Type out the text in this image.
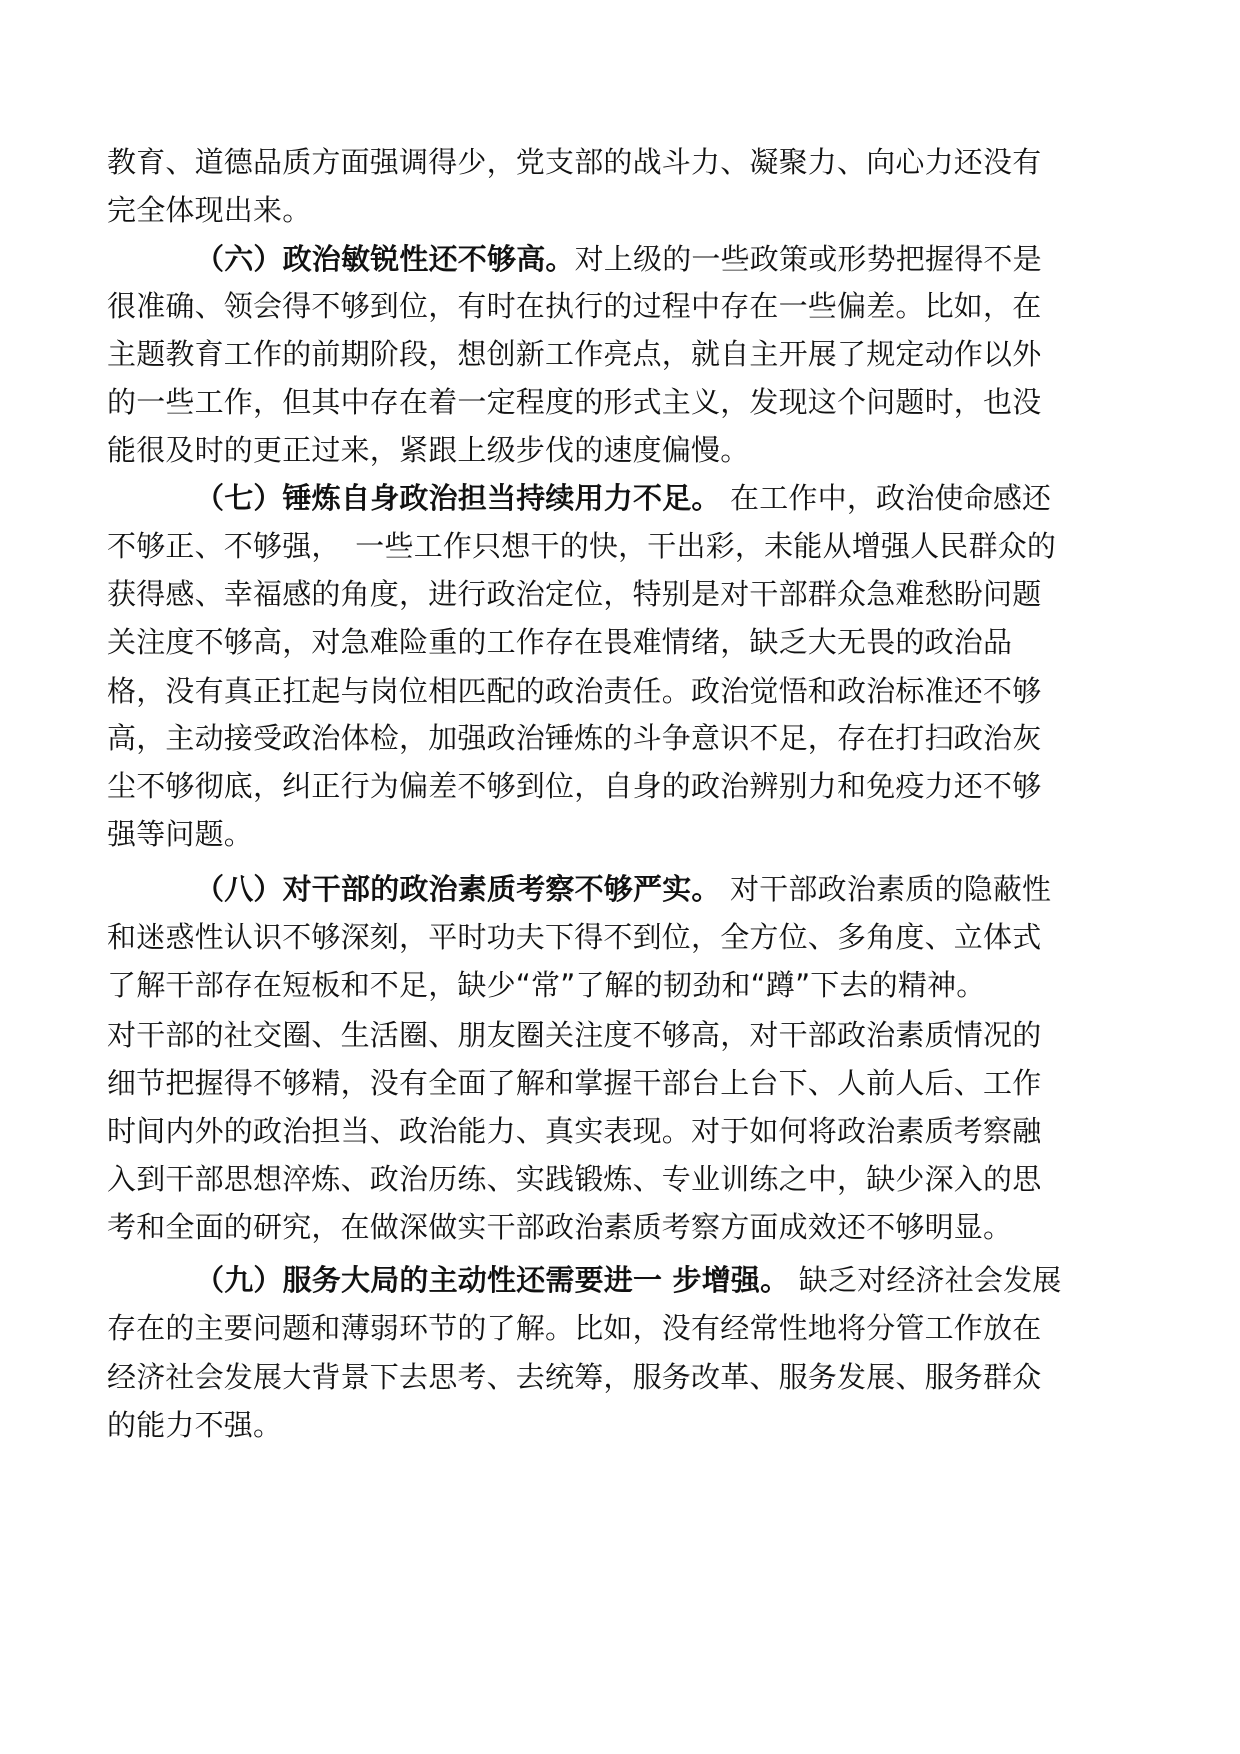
教育、道德品质方面强调得少，党支部的战斗力、凝聚力、向心力还没有
完全体现出来。
（六）政治敏锐性还不够高。对上级的一些政策或形势把握得不是
很准确、领会得不够到位，有时在执行的过程中存在一些偏差。比如，在
主题教育工作的前期阶段，想创新工作亮点，就自主开展了规定动作以外
的一些工作，但其中存在着一定程度的形式主义，发现这个问题时，也没
能很及时的更正过来，紧跟上级步伐的速度偏慢。
（七）锤炼自身政治担当持续用力不足。 在工作中，政治使命感还
不够正、不够强，　一些工作只想干的快，干出彩，未能从增强人民群众的
获得感、幸福感的角度，进行政治定位，特别是对干部群众急难愁盼问题
关注度不够高，对急难险重的工作存在畏难情绪，缺乏大无畏的政治品
格，没有真正扛起与岗位相匹配的政治责任。政治觉悟和政治标准还不够
高，主动接受政治体检，加强政治锤炼的斗争意识不足，存在打扫政治灰
尘不够彻底，纠正行为偏差不够到位，自身的政治辨别力和免疫力还不够
强等问题。
（八）对干部的政治素质考察不够严实。 对干部政治素质的隐蔽性
和迷惑性认识不够深刻，平时功夫下得不到位，全方位、多角度、立体式
了解干部存在短板和不足，缺少“常”了解的韧劲和“蹲”下去的精神。
对干部的社交圈、生活圈、朋友圈关注度不够高，对干部政治素质情况的
细节把握得不够精，没有全面了解和掌握干部台上台下、人前人后、工作
时间内外的政治担当、政治能力、真实表现。对于如何将政治素质考察融
入到干部思想淬炼、政治历练、实践锻炼、专业训练之中，缺少深入的思
考和全面的研究，在做深做实干部政治素质考察方面成效还不够明显。
（九）服务大局的主动性还需要进一 步增强。 缺乏对经济社会发展
存在的主要问题和薄弱环节的了解。比如，没有经常性地将分管工作放在
经济社会发展大背景下去思考、去统筹，服务改革、服务发展、服务群众
的能力不强。
